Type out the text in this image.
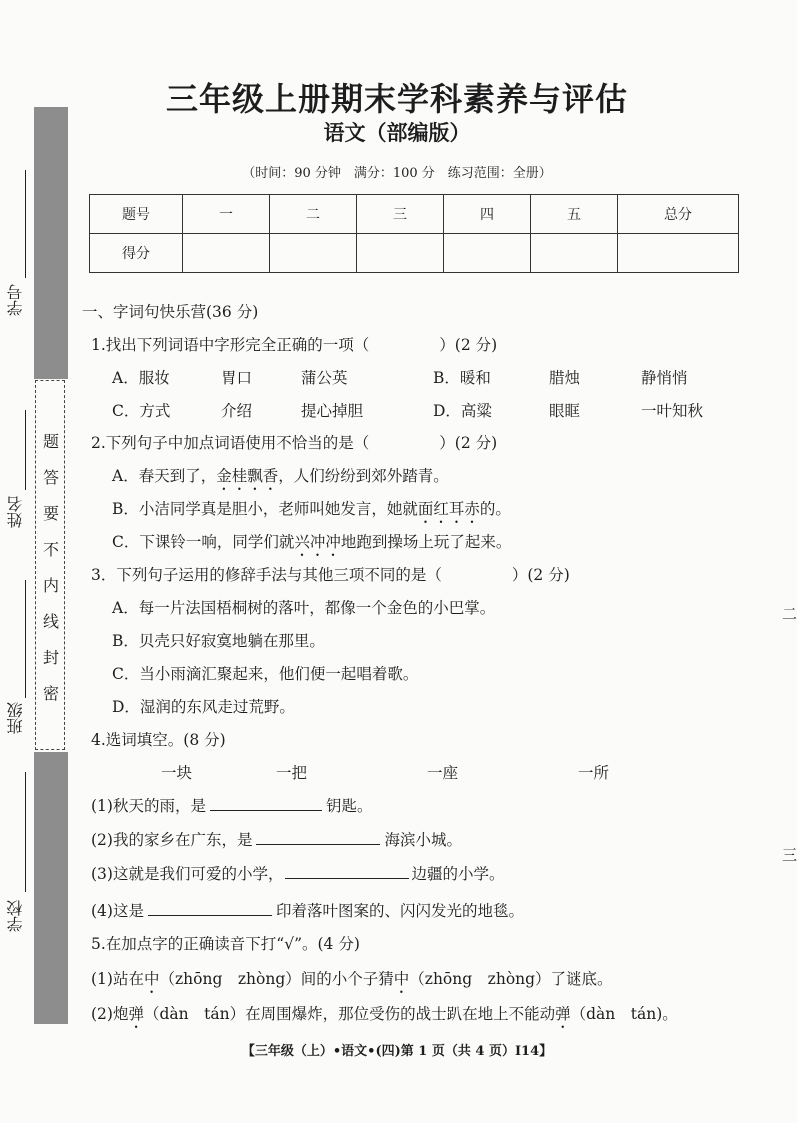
题
答
要
不
内
线
封
密
学号
姓名
班级
学校
三年级上册期末学科素养与评估
语文（部编版）
（时间：90 分钟　满分：100 分　练习范围：全册）
题号	一	二	三	四	五	总分
得分						
一、字词句快乐营(36 分)
1.找出下列词语中字形完全正确的一项（	）(2 分)
A．服妆	胃口	蒲公英	B．暖和	腊烛	静悄悄
C．方式	介绍	提心掉胆	D．高粱	眼眶	一叶知秋
2.下列句子中加点词语使用不恰当的是（	）(2 分)
A．春天到了，金桂飘香，人们纷纷到郊外踏青。
B．小洁同学真是胆小，老师叫她发言，她就面红耳赤的。
C．下课铃一响，同学们就兴冲冲地跑到操场上玩了起来。
3．下列句子运用的修辞手法与其他三项不同的是（	）(2 分)
A．每一片法国梧桐树的落叶，都像一个金色的小巴掌。
B．贝壳只好寂寞地躺在那里。
C．当小雨滴汇聚起来，他们便一起唱着歌。
D．湿润的东风走过荒野。
4.选词填空。(8 分)
一块	一把	一座	一所
(1)秋天的雨，是	钥匙。
(2)我的家乡在广东，是	海滨小城。
(3)这就是我们可爱的小学，	边疆的小学。
(4)这是	印着落叶图案的、闪闪发光的地毯。
5.在加点字的正确读音下打“√”。(4 分)
(1)站在中（zhōng　zhòng）间的小个子猜中（zhōng　zhòng）了谜底。
(2)炮弹（dàn　tán）在周围爆炸，那位受伤的战士趴在地上不能动弹（dàn　tán)。
二
三
【三年级（上）•语文•(四)第 1 页（共 4 页）I14】
